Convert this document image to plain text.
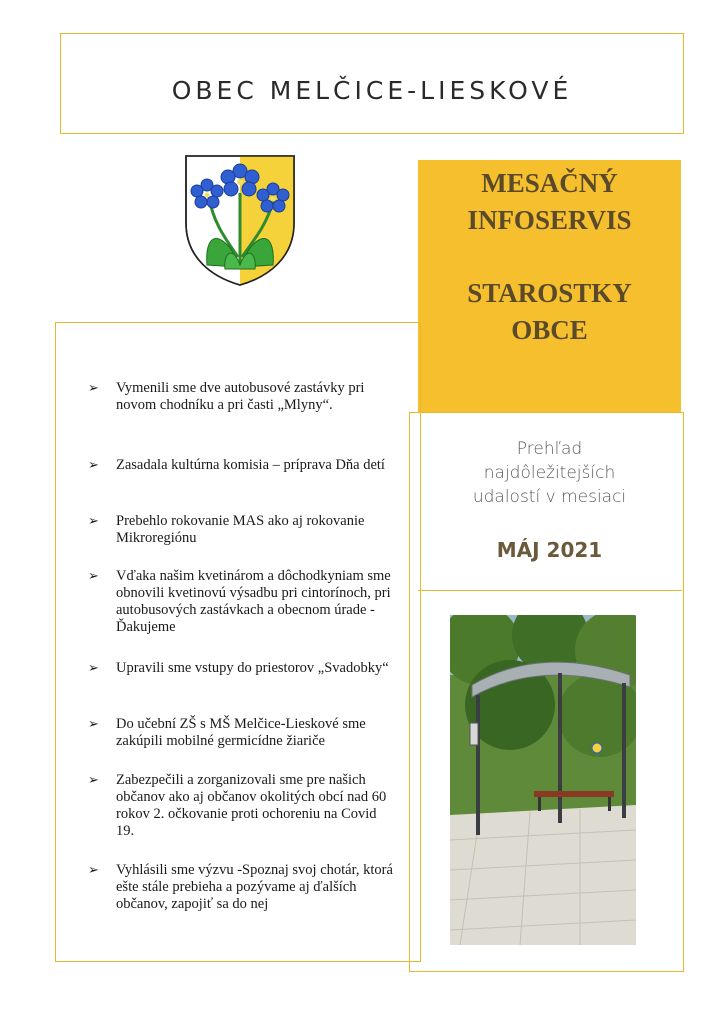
OBEC MELČICE-LIESKOVÉ
MESAČNÝ
INFOSERVIS
STAROSTKY
OBCE
Prehľad
najdôležitejších
udalostí v mesiaci
MÁJ 2021
➢ Vymenili sme dve autobusové zastávky pri novom chodníku a pri časti „Mlyny“.
➢ Zasadala kultúrna komisia – príprava Dňa detí
➢ Prebehlo rokovanie MAS ako aj rokovanie Mikroregiónu
➢ Vďaka našim kvetinárom a dôchodkyniam sme obnovili kvetinovú výsadbu pri cintorínoch, pri autobusových zastávkach a obecnom úrade - Ďakujeme
➢ Upravili sme vstupy do priestorov „Svadobky“
➢ Do učební ZŠ s MŠ Melčice-Lieskové sme zakúpili mobilné germicídne žiariče
➢ Zabezpečili a zorganizovali sme pre našich občanov ako aj občanov okolitých obcí nad 60 rokov 2. očkovanie proti ochoreniu na Covid 19.
➢ Vyhlásili sme výzvu -Spoznaj svoj chotár, ktorá ešte stále prebieha a pozývame aj ďalších občanov, zapojiť sa do nej
